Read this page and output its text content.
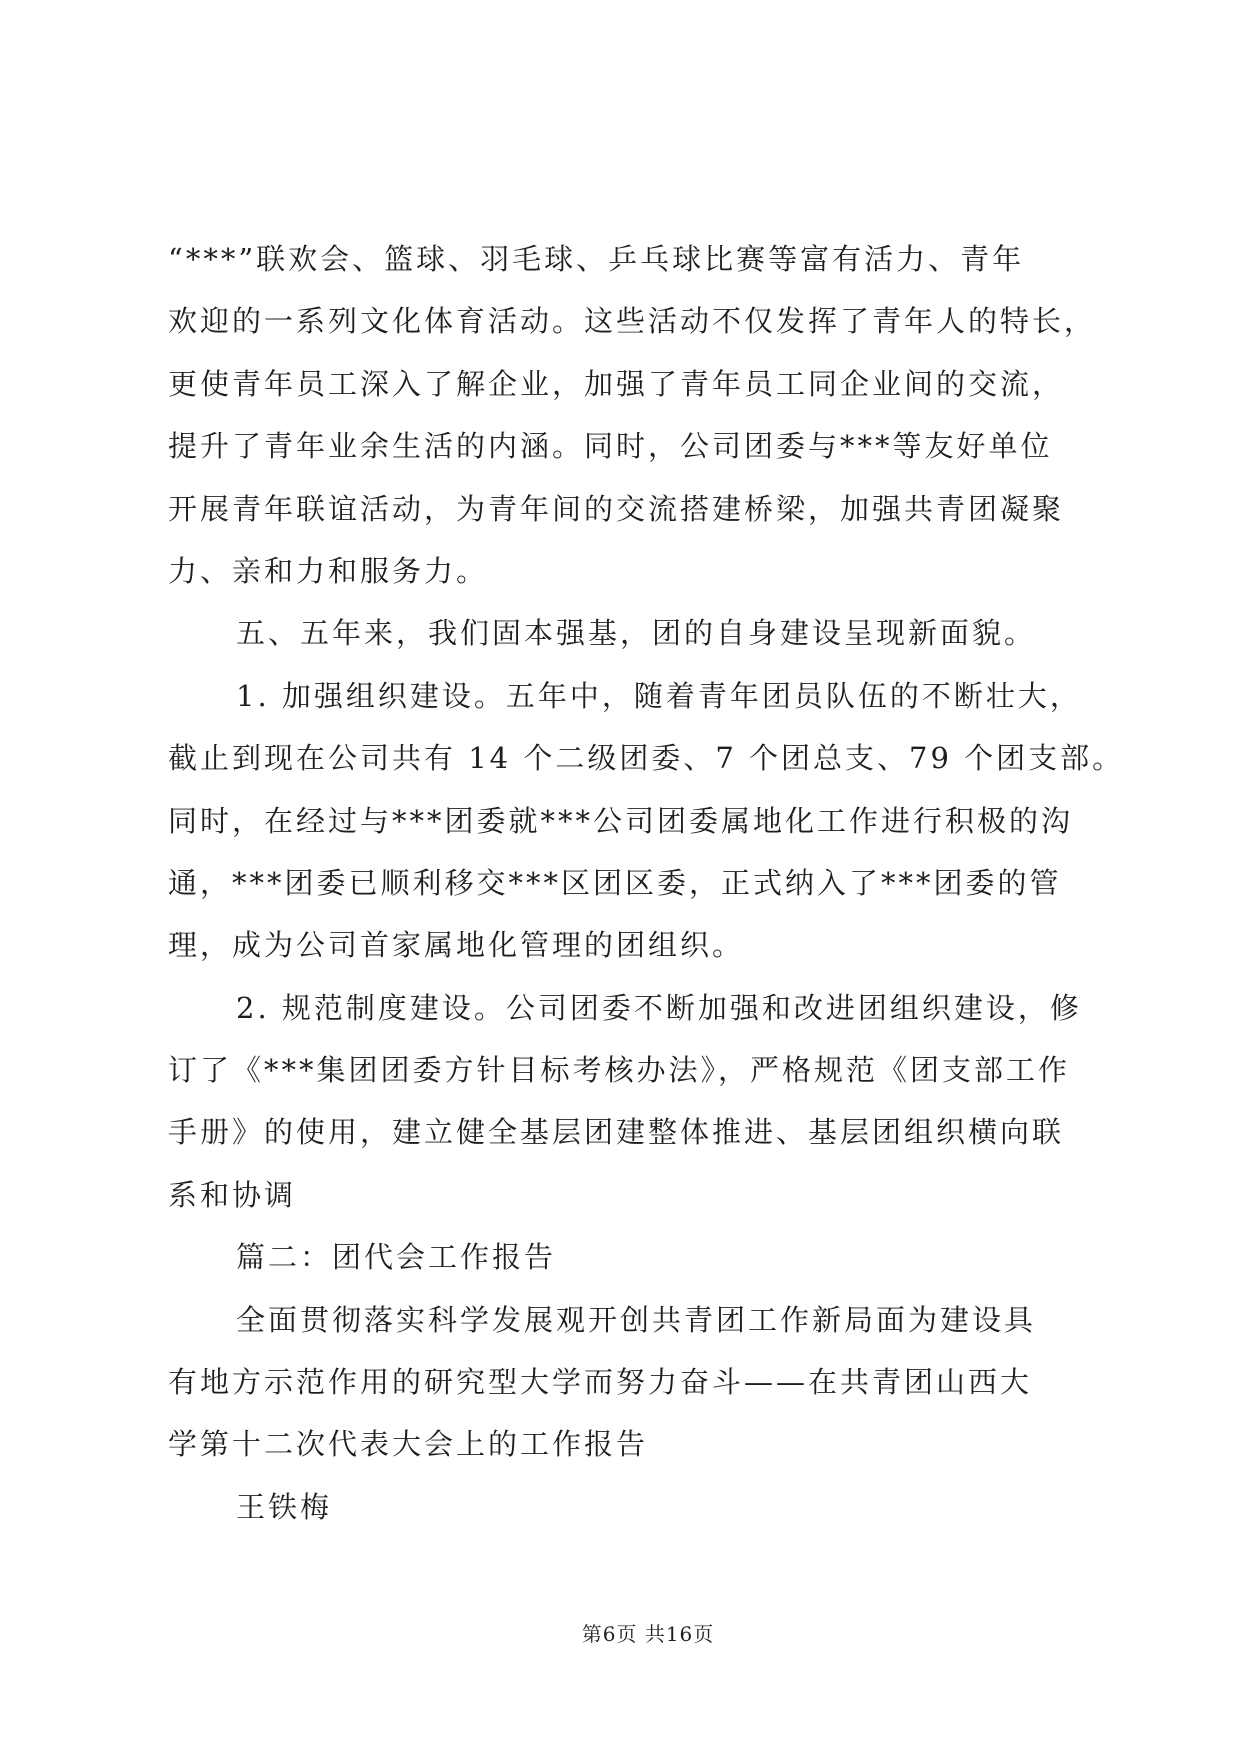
“***”联欢会、篮球、羽毛球、乒乓球比赛等富有活力、青年
欢迎的一系列文化体育活动。这些活动不仅发挥了青年人的特长，
更使青年员工深入了解企业，加强了青年员工同企业间的交流，
提升了青年业余生活的内涵。同时，公司团委与***等友好单位
开展青年联谊活动，为青年间的交流搭建桥梁，加强共青团凝聚
力、亲和力和服务力。
五、五年来，我们固本强基，团的自身建设呈现新面貌。
1. 加强组织建设。五年中，随着青年团员队伍的不断壮大，
截止到现在公司共有 14 个二级团委、7 个团总支、79 个团支部。
同时，在经过与***团委就***公司团委属地化工作进行积极的沟
通，***团委已顺利移交***区团区委，正式纳入了***团委的管
理，成为公司首家属地化管理的团组织。
2. 规范制度建设。公司团委不断加强和改进团组织建设，修
订了《***集团团委方针目标考核办法》，严格规范《团支部工作
手册》的使用，建立健全基层团建整体推进、基层团组织横向联
系和协调
篇二：团代会工作报告
全面贯彻落实科学发展观开创共青团工作新局面为建设具
有地方示范作用的研究型大学而努力奋斗——在共青团山西大
学第十二次代表大会上的工作报告
王铁梅
第6页 共16页
